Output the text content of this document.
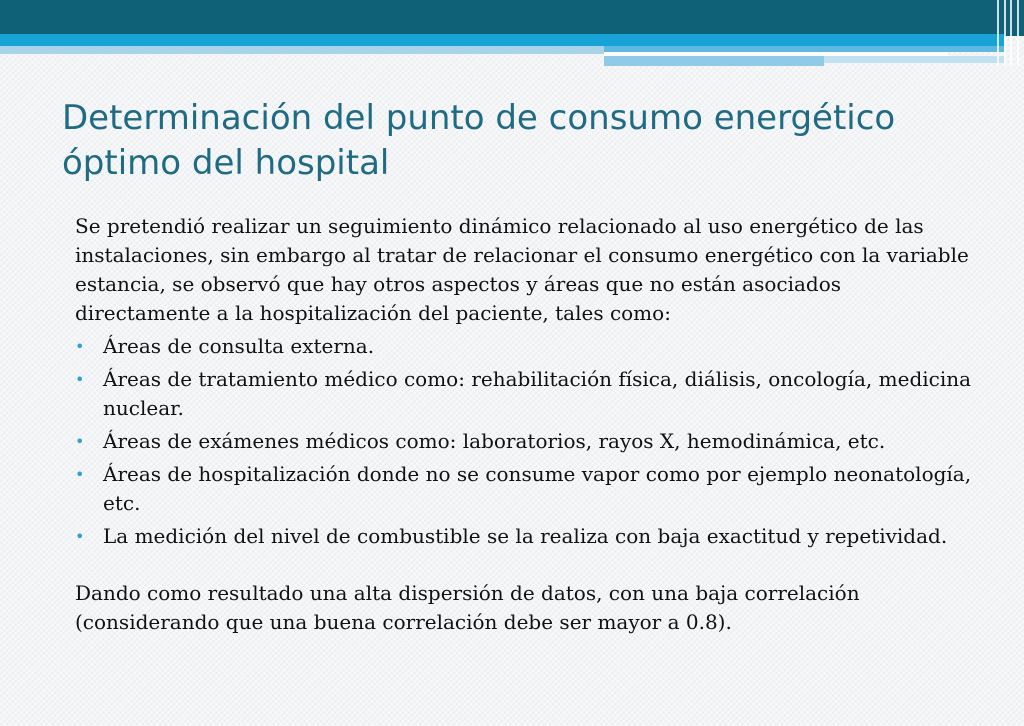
Determinación del punto de consumo energético óptimo del hospital

Se pretendió realizar un seguimiento dinámico relacionado al uso energético de las instalaciones, sin embargo al tratar de relacionar el consumo energético con la variable estancia, se observó que hay otros aspectos y áreas que no están asociados directamente a la hospitalización del paciente, tales como:

• Áreas de consulta externa.
• Áreas de tratamiento médico como: rehabilitación física, diálisis, oncología, medicina nuclear.
• Áreas de exámenes médicos como: laboratorios, rayos X, hemodinámica, etc.
• Áreas de hospitalización donde no se consume vapor como por ejemplo neonatología, etc.
• La medición del nivel de combustible se la realiza con baja exactitud y repetividad.

Dando como resultado una alta dispersión de datos, con una baja correlación (considerando que una buena correlación debe ser mayor a 0.8).
